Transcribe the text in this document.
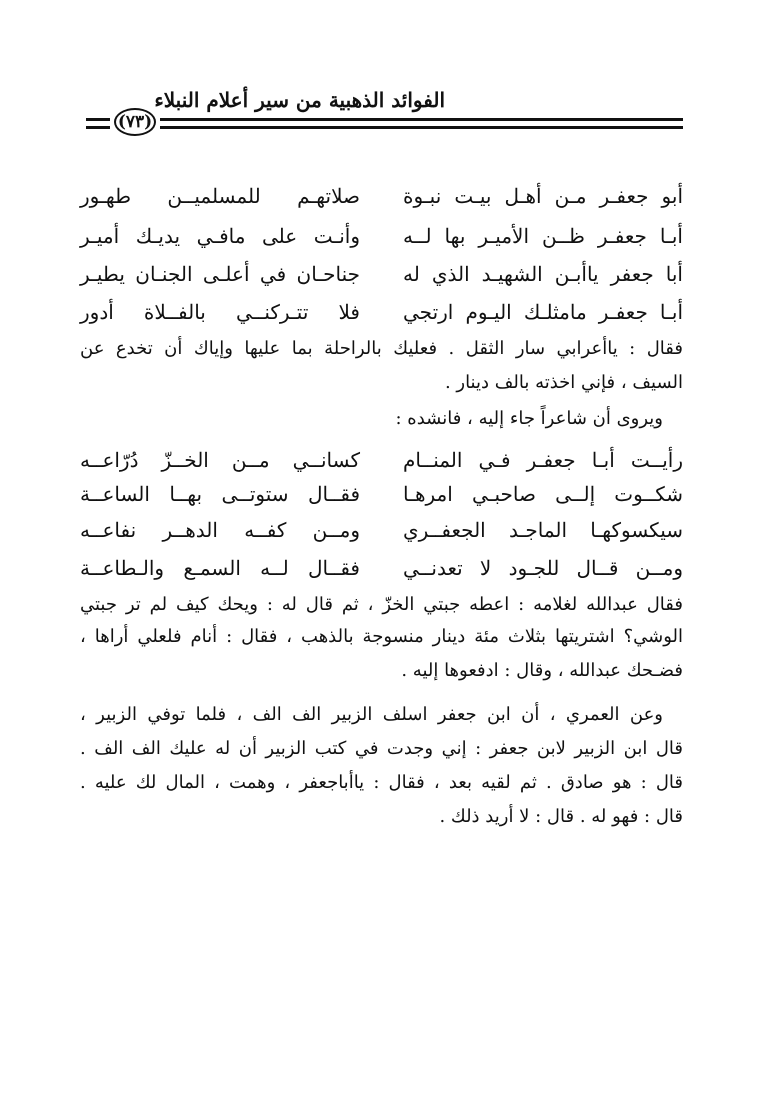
الفوائد الذهبية من سير أعلام النبلاء
(٧٣)
أبو جعفـر مـن أهـل بيـت نبـوة
صلاتهـم للمسلميــن طهـور
أبـا جعفـر ظــن الأميـر بها لــه
وأنـت على مافـي يديـك أميـر
أبا جعفر ياأبـن الشهيـد الذي له
جناحـان في أعلـى الجنـان يطيـر
أبـا جعفـر مامثلـك اليـوم ارتجي
فلا تتـركنــي بالفــلاة أدور
فقال : ياأعرابي سار الثقل . فعليك بالراحلة بما عليها وإياك أن تخدع عن
السيف ، فإني اخذته بالف دينار .
ويروى أن شاعراً جاء إليه ، فانشده :
رأيــت أبـا جعفـر فـي المنــام
كسانــي مــن الخــزّ دُرّاعــه
شكــوت إلــى صاحبـي امرهـا
فقــال ستوتــى بهــا الساعــة
سيكسوكهـا الماجـد الجعفــري
ومــن كفــه الدهــر نفاعــه
ومــن قــال للجـود لا تعدنــي
فقــال لــه السمـع والـطاعــة
فقال عبدالله لغلامه : اعطه جبتي الخزّ ، ثم قال له : ويحك كيف لم تر جبتي
الوشي؟ اشتريتها بثلاث مئة دينار منسوجة بالذهب ، فقال : أنام فلعلي أراها ،
فضـحك عبدالله ، وقال : ادفعوها إليه .
وعن العمري ، أن ابن جعفر اسلف الزبير الف الف ، فلما توفي الزبير ،
قال ابن الزبير لابن جعفر : إني وجدت في كتب الزبير أن له عليك الف الف .
قال : هو صادق . ثم لقيه بعد ، فقال : ياأباجعفر ، وهمت ، المال لك عليه .
قال : فهو له . قال : لا أريد ذلك .
